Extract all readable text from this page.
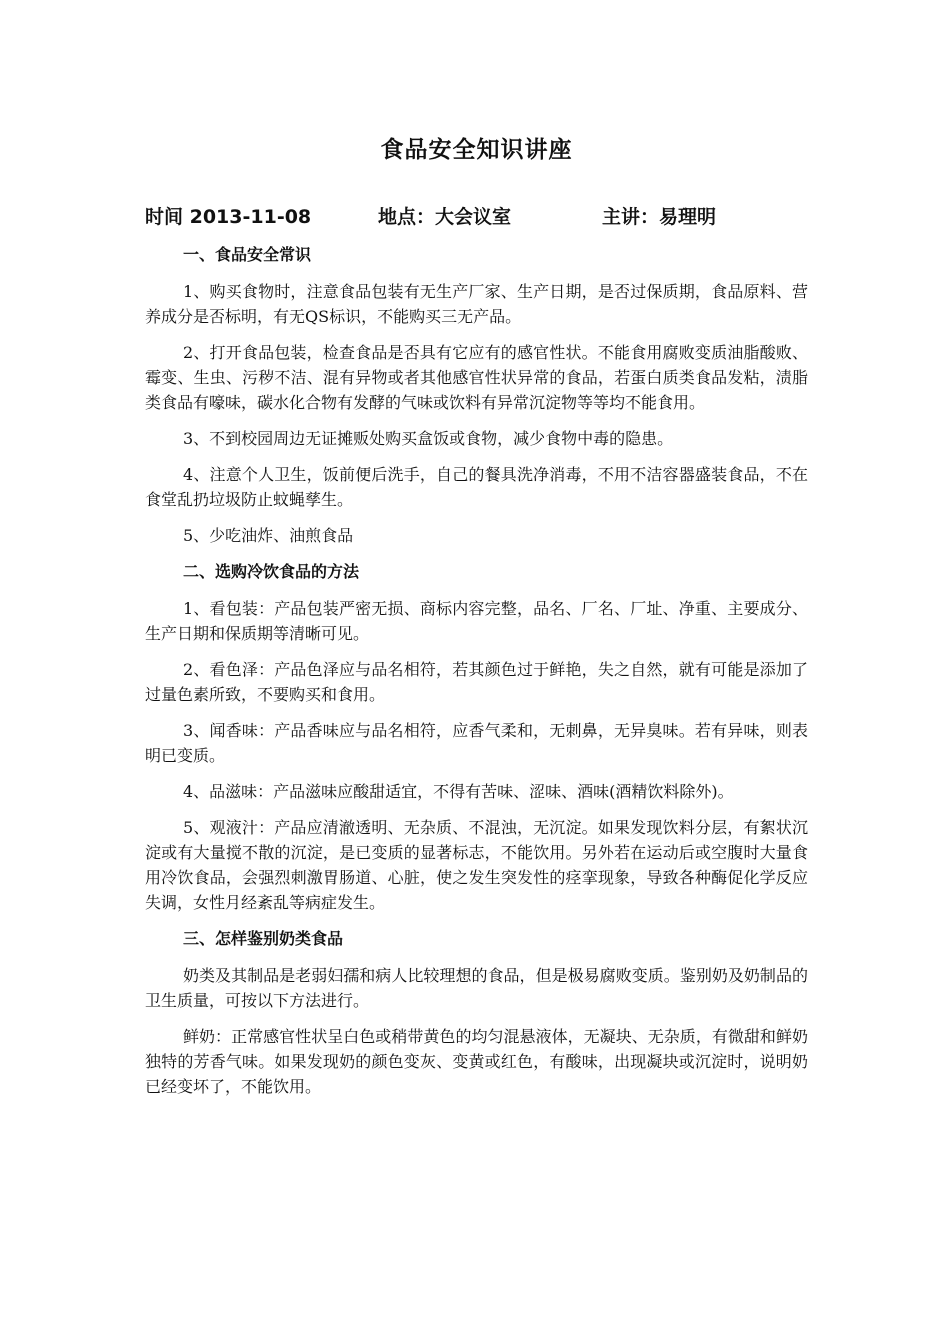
食品安全知识讲座
时间 2013-11-08	地点：大会议室	主讲：易理明
一、食品安全常识

1、购买食物时，注意食品包装有无生产厂家、生产日期，是否过保质期，食品原料、营养成分是否标明，有无QS标识，不能购买三无产品。

2、打开食品包装，检查食品是否具有它应有的感官性状。不能食用腐败变质油脂酸败、霉变、生虫、污秽不洁、混有异物或者其他感官性状异常的食品，若蛋白质类食品发粘，渍脂类食品有嚎味，碳水化合物有发酵的气味或饮料有异常沉淀物等等均不能食用。

3、不到校园周边无证摊贩处购买盒饭或食物，减少食物中毒的隐患。

4、注意个人卫生，饭前便后洗手，自己的餐具洗净消毒，不用不洁容器盛装食品，不在食堂乱扔垃圾防止蚊蝇孳生。

5、少吃油炸、油煎食品

二、选购冷饮食品的方法

1、看包装：产品包装严密无损、商标内容完整，品名、厂名、厂址、净重、主要成分、生产日期和保质期等清晰可见。

2、看色泽：产品色泽应与品名相符，若其颜色过于鲜艳，失之自然，就有可能是添加了过量色素所致，不要购买和食用。

3、闻香味：产品香味应与品名相符，应香气柔和，无刺鼻，无异臭味。若有异味，则表明已变质。

4、品滋味：产品滋味应酸甜适宜，不得有苦味、涩味、酒味(酒精饮料除外)。

5、观液汁：产品应清澈透明、无杂质、不混浊，无沉淀。如果发现饮料分层，有絮状沉淀或有大量搅不散的沉淀，是已变质的显著标志，不能饮用。另外若在运动后或空腹时大量食用冷饮食品，会强烈刺激胃肠道、心脏，使之发生突发性的痉挛现象，导致各种酶促化学反应失调，女性月经紊乱等病症发生。

三、怎样鉴别奶类食品

奶类及其制品是老弱妇孺和病人比较理想的食品，但是极易腐败变质。鉴别奶及奶制品的卫生质量，可按以下方法进行。

鲜奶：正常感官性状呈白色或稍带黄色的均匀混悬液体，无凝块、无杂质，有微甜和鲜奶独特的芳香气味。如果发现奶的颜色变灰、变黄或红色，有酸味，出现凝块或沉淀时，说明奶已经变坏了，不能饮用。
